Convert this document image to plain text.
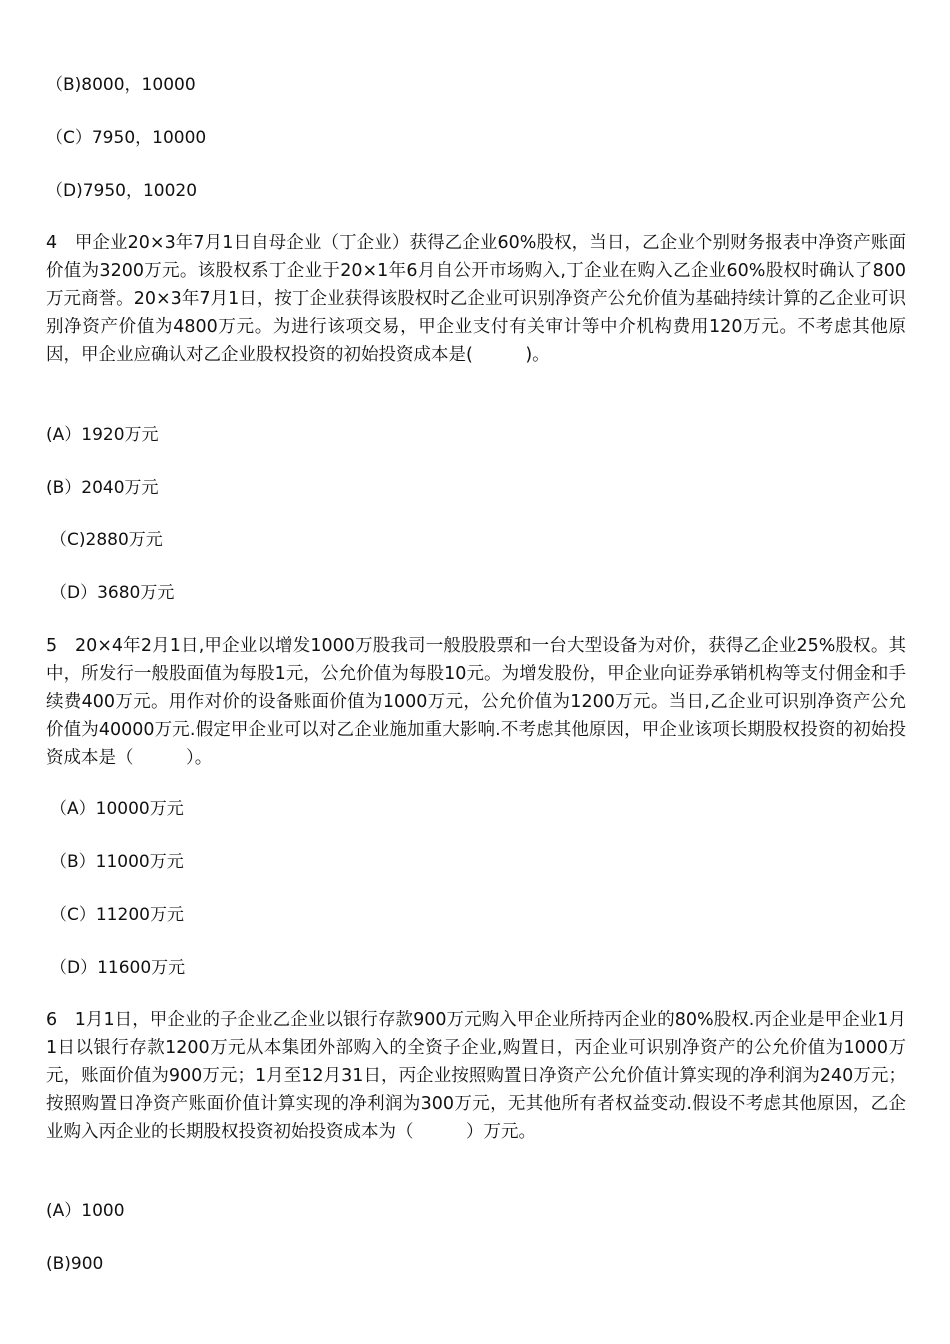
（B)8000，10000
（C）7950，10000
（D)7950，10020
4　甲企业20×3年7月1日自母企业（丁企业）获得乙企业60%股权，当日，乙企业个别财务报表中净资产账面价值为3200万元。该股权系丁企业于20×1年6月自公开市场购入,丁企业在购入乙企业60%股权时确认了800万元商誉。20×3年7月1日，按丁企业获得该股权时乙企业可识别净资产公允价值为基础持续计算的乙企业可识别净资产价值为4800万元。为进行该项交易，甲企业支付有关审计等中介机构费用120万元。不考虑其他原因，甲企业应确认对乙企业股权投资的初始投资成本是(　　　)。
(A）1920万元
(B）2040万元
（C)2880万元
（D）3680万元
5　20×4年2月1日,甲企业以增发1000万股我司一般股股票和一台大型设备为对价，获得乙企业25%股权。其中，所发行一般股面值为每股1元，公允价值为每股10元。为增发股份，甲企业向证券承销机构等支付佣金和手续费400万元。用作对价的设备账面价值为1000万元，公允价值为1200万元。当日,乙企业可识别净资产公允价值为40000万元.假定甲企业可以对乙企业施加重大影响.不考虑其他原因，甲企业该项长期股权投资的初始投资成本是（　　　）。
（A）10000万元
（B）11000万元
（C）11200万元
（D）11600万元
6　1月1日，甲企业的子企业乙企业以银行存款900万元购入甲企业所持丙企业的80%股权.丙企业是甲企业1月1日以银行存款1200万元从本集团外部购入的全资子企业,购置日，丙企业可识别净资产的公允价值为1000万元，账面价值为900万元；1月至12月31日，丙企业按照购置日净资产公允价值计算实现的净利润为240万元；按照购置日净资产账面价值计算实现的净利润为300万元，无其他所有者权益变动.假设不考虑其他原因，乙企业购入丙企业的长期股权投资初始投资成本为（　　　）万元。
(A）1000
(B)900
